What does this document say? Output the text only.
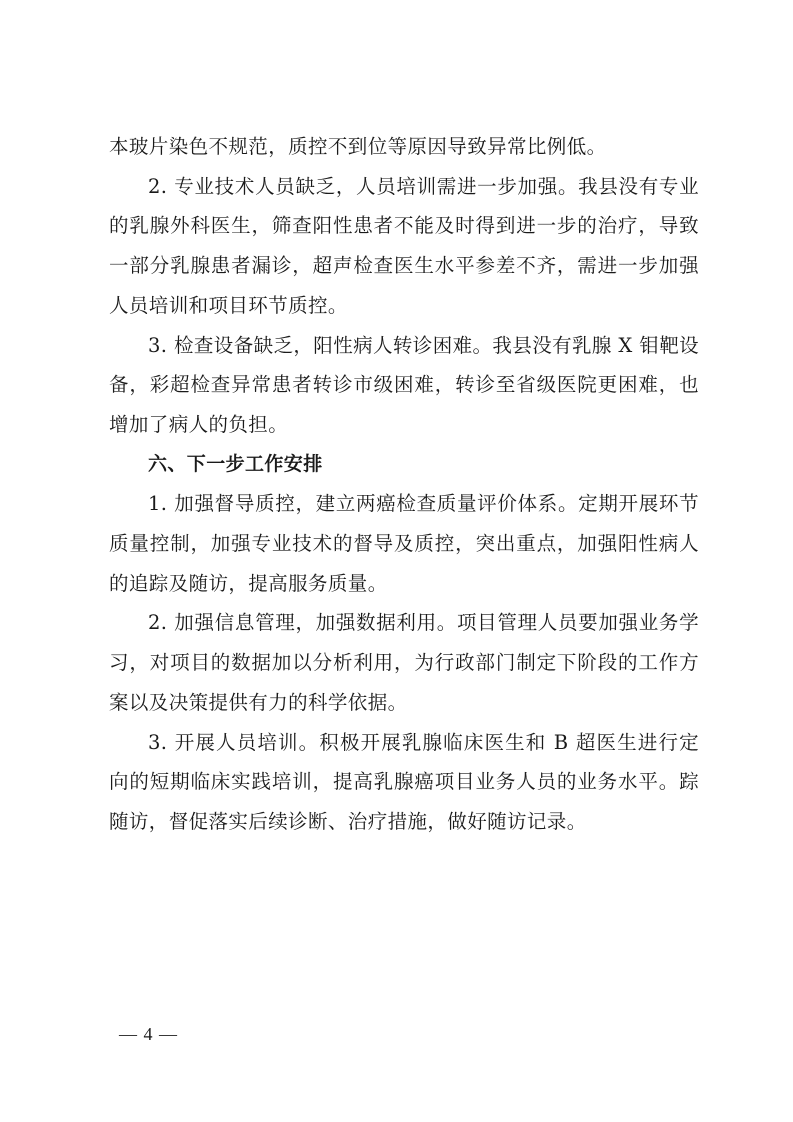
本玻片染色不规范，质控不到位等原因导致异常比例低。

2. 专业技术人员缺乏，人员培训需进一步加强。我县没有专业的乳腺外科医生，筛查阳性患者不能及时得到进一步的治疗，导致一部分乳腺患者漏诊，超声检查医生水平参差不齐，需进一步加强人员培训和项目环节质控。

3. 检查设备缺乏，阳性病人转诊困难。我县没有乳腺 X 钼靶设备，彩超检查异常患者转诊市级困难，转诊至省级医院更困难，也增加了病人的负担。

六、下一步工作安排

1. 加强督导质控，建立两癌检查质量评价体系。定期开展环节质量控制，加强专业技术的督导及质控，突出重点，加强阳性病人的追踪及随访，提高服务质量。

2. 加强信息管理，加强数据利用。项目管理人员要加强业务学习，对项目的数据加以分析利用，为行政部门制定下阶段的工作方案以及决策提供有力的科学依据。

3. 开展人员培训。积极开展乳腺临床医生和 B 超医生进行定向的短期临床实践培训，提高乳腺癌项目业务人员的业务水平。踪随访，督促落实后续诊断、治疗措施，做好随访记录。

— 4 —
